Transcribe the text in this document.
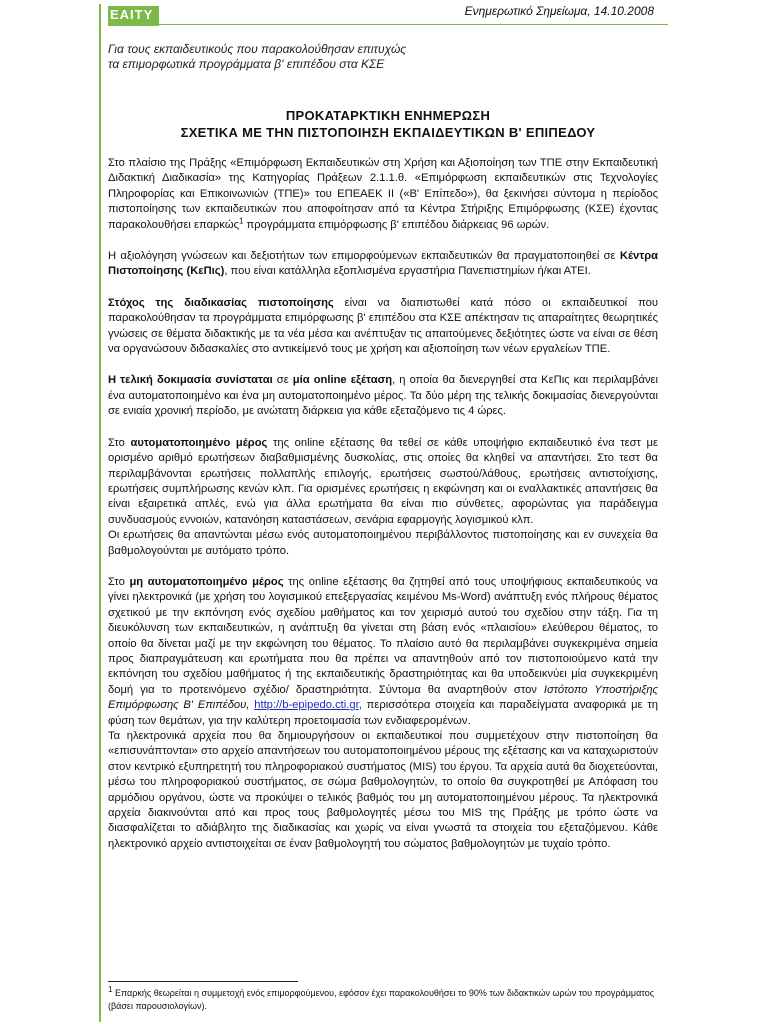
EAITY	Ενημερωτικό Σημείωμα, 14.10.2008
Για τους εκπαιδευτικούς που παρακολούθησαν επιτυχώς
τα επιμορφωτικά προγράμματα β' επιπέδου στα ΚΣΕ
ΠΡΟΚΑΤΑΡΚΤΙΚΗ ΕΝΗΜΕΡΩΣΗ
ΣΧΕΤΙΚΑ ΜΕ ΤΗΝ ΠΙΣΤΟΠΟΙΗΣΗ ΕΚΠΑΙΔΕΥΤΙΚΩΝ Β' ΕΠΙΠΕΔΟΥ

Στο πλαίσιο της Πράξης «Επιμόρφωση Εκπαιδευτικών στη Χρήση και Αξιοποίηση των ΤΠΕ στην Εκπαιδευτική Διδακτική Διαδικασία» της Κατηγορίας Πράξεων 2.1.1.θ. «Επιμόρφωση εκπαιδευτικών στις Τεχνολογίες Πληροφορίας και Επικοινωνιών (ΤΠΕ)» του ΕΠΕΑΕΚ ΙΙ («Β' Επίπεδο»), θα ξεκινήσει σύντομα η περίοδος πιστοποίησης των εκπαιδευτικών που αποφοίτησαν από τα Κέντρα Στήριξης Επιμόρφωσης (ΚΣΕ) έχοντας παρακολουθήσει επαρκώς$^1$ προγράμματα επιμόρφωσης β' επιπέδου διάρκειας 96 ωρών.

Η αξιολόγηση γνώσεων και δεξιοτήτων των επιμορφούμενων εκπαιδευτικών θα πραγματοποιηθεί σε Κέντρα Πιστοποίησης (ΚεΠις), που είναι κατάλληλα εξοπλισμένα εργαστήρια Πανεπιστημίων ή/και ΑΤΕΙ.

Στόχος της διαδικασίας πιστοποίησης είναι να διαπιστωθεί κατά πόσο οι εκπαιδευτικοί που παρακολούθησαν τα προγράμματα επιμόρφωσης β' επιπέδου στα ΚΣΕ απέκτησαν τις απαραίτητες θεωρητικές γνώσεις σε θέματα διδακτικής με τα νέα μέσα και ανέπτυξαν τις απαιτούμενες δεξιότητες ώστε να είναι σε θέση να οργανώσουν διδασκαλίες στο αντικείμενό τους με χρήση και αξιοποίηση των νέων εργαλείων ΤΠΕ.

Η τελική δοκιμασία συνίσταται σε μία online εξέταση, η οποία θα διενεργηθεί στα ΚεΠις και περιλαμβάνει ένα αυτοματοποιημένο και ένα μη αυτοματοποιημένο μέρος. Τα δύο μέρη της τελικής δοκιμασίας διενεργούνται σε ενιαία χρονική περίοδο, με ανώτατη διάρκεια για κάθε εξεταζόμενο τις 4 ώρες.

Στο αυτοματοποιημένο μέρος της online εξέτασης θα τεθεί σε κάθε υποψήφιο εκπαιδευτικό ένα τεστ με ορισμένο αριθμό ερωτήσεων διαβαθμισμένης δυσκολίας, στις οποίες θα κληθεί να απαντήσει. Στο τεστ θα περιλαμβάνονται ερωτήσεις πολλαπλής επιλογής, ερωτήσεις σωστού/λάθους, ερωτήσεις αντιστοίχισης, ερωτήσεις συμπλήρωσης κενών κλπ. Για ορισμένες ερωτήσεις η εκφώνηση και οι εναλλακτικές απαντήσεις θα είναι εξαιρετικά απλές, ενώ για άλλα ερωτήματα θα είναι πιο σύνθετες, αφορώντας για παράδειγμα συνδυασμούς εννοιών, κατανόηση καταστάσεων, σενάρια εφαρμογής λογισμικού κλπ.

Οι ερωτήσεις θα απαντώνται μέσω ενός αυτοματοποιημένου περιβάλλοντος πιστοποίησης και εν συνεχεία θα βαθμολογούνται με αυτόματο τρόπο.

Στο μη αυτοματοποιημένο μέρος της online εξέτασης θα ζητηθεί από τους υποψήφιους εκπαιδευτικούς να γίνει ηλεκτρονικά (με χρήση του λογισμικού επεξεργασίας κειμένου Ms-Word) ανάπτυξη ενός πλήρους θέματος σχετικού με την εκπόνηση ενός σχεδίου μαθήματος και τον χειρισμό αυτού του σχεδίου στην τάξη. Για τη διευκόλυνση των εκπαιδευτικών, η ανάπτυξη θα γίνεται στη βάση ενός «πλαισίου» ελεύθερου θέματος, το οποίο θα δίνεται μαζί με την εκφώνηση του θέματος. Το πλαίσιο αυτό θα περιλαμβάνει συγκεκριμένα σημεία προς διαπραγμάτευση και ερωτήματα που θα πρέπει να απαντηθούν από τον πιστοποιούμενο κατά την εκπόνηση του σχεδίου μαθήματος ή της εκπαιδευτικής δραστηριότητας και θα υποδεικνύει μία συγκεκριμένη δομή για το προτεινόμενο σχέδιο/ δραστηριότητα. Σύντομα θα αναρτηθούν στον Ιστότοπο Υποστήριξης Επιμόρφωσης Β' Επιπέδου, http://b-epipedo.cti.gr, περισσότερα στοιχεία και παραδείγματα αναφορικά με τη φύση των θεμάτων, για την καλύτερη προετοιμασία των ενδιαφερομένων.

Τα ηλεκτρονικά αρχεία που θα δημιουργήσουν οι εκπαιδευτικοί που συμμετέχουν στην πιστοποίηση θα «επισυνάπτονται» στο αρχείο απαντήσεων του αυτοματοποιημένου μέρους της εξέτασης και να καταχωριστούν στον κεντρικό εξυπηρετητή του πληροφοριακού συστήματος (MIS) του έργου. Τα αρχεία αυτά θα διοχετεύονται, μέσω του πληροφοριακού συστήματος, σε σώμα βαθμολογητών, το οποίο θα συγκροτηθεί με Απόφαση του αρμόδιου οργάνου, ώστε να προκύψει ο τελικός βαθμός του μη αυτοματοποιημένου μέρους. Τα ηλεκτρονικά αρχεία διακινούνται από και προς τους βαθμολογητές μέσω του MIS της Πράξης με τρόπο ώστε να διασφαλίζεται το αδιάβλητο της διαδικασίας και χωρίς να είναι γνωστά τα στοιχεία του εξεταζόμενου. Κάθε ηλεκτρονικό αρχείο αντιστοιχείται σε έναν βαθμολογητή του σώματος βαθμολογητών με τυχαίο τρόπο.

$^1$ Επαρκής θεωρείται η συμμετοχή ενός επιμορφούμενου, εφόσον έχει παρακολουθήσει το 90% των διδακτικών ωρών του προγράμματος (βάσει παρουσιολογίων).
